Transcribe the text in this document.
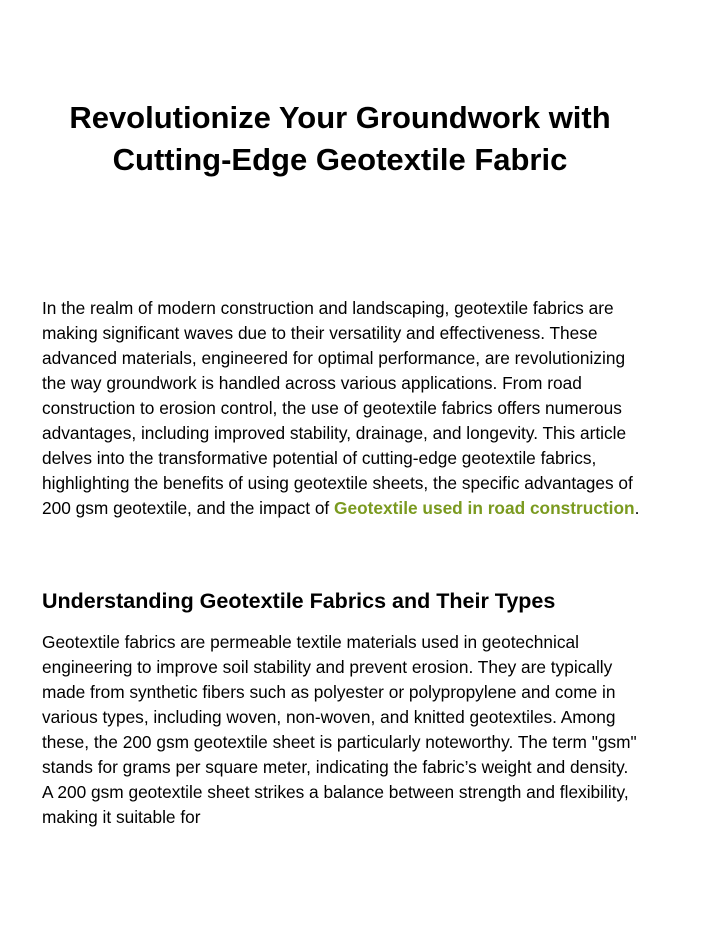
Revolutionize Your Groundwork with Cutting-Edge Geotextile Fabric

In the realm of modern construction and landscaping, geotextile fabrics are making significant waves due to their versatility and effectiveness. These advanced materials, engineered for optimal performance, are revolutionizing the way groundwork is handled across various applications. From road construction to erosion control, the use of geotextile fabrics offers numerous advantages, including improved stability, drainage, and longevity. This article delves into the transformative potential of cutting-edge geotextile fabrics, highlighting the benefits of using geotextile sheets, the specific advantages of 200 gsm geotextile, and the impact of Geotextile used in road construction.

Understanding Geotextile Fabrics and Their Types

Geotextile fabrics are permeable textile materials used in geotechnical engineering to improve soil stability and prevent erosion. They are typically made from synthetic fibers such as polyester or polypropylene and come in various types, including woven, non-woven, and knitted geotextiles. Among these, the 200 gsm geotextile sheet is particularly noteworthy. The term "gsm" stands for grams per square meter, indicating the fabric’s weight and density. A 200 gsm geotextile sheet strikes a balance between strength and flexibility, making it suitable for
